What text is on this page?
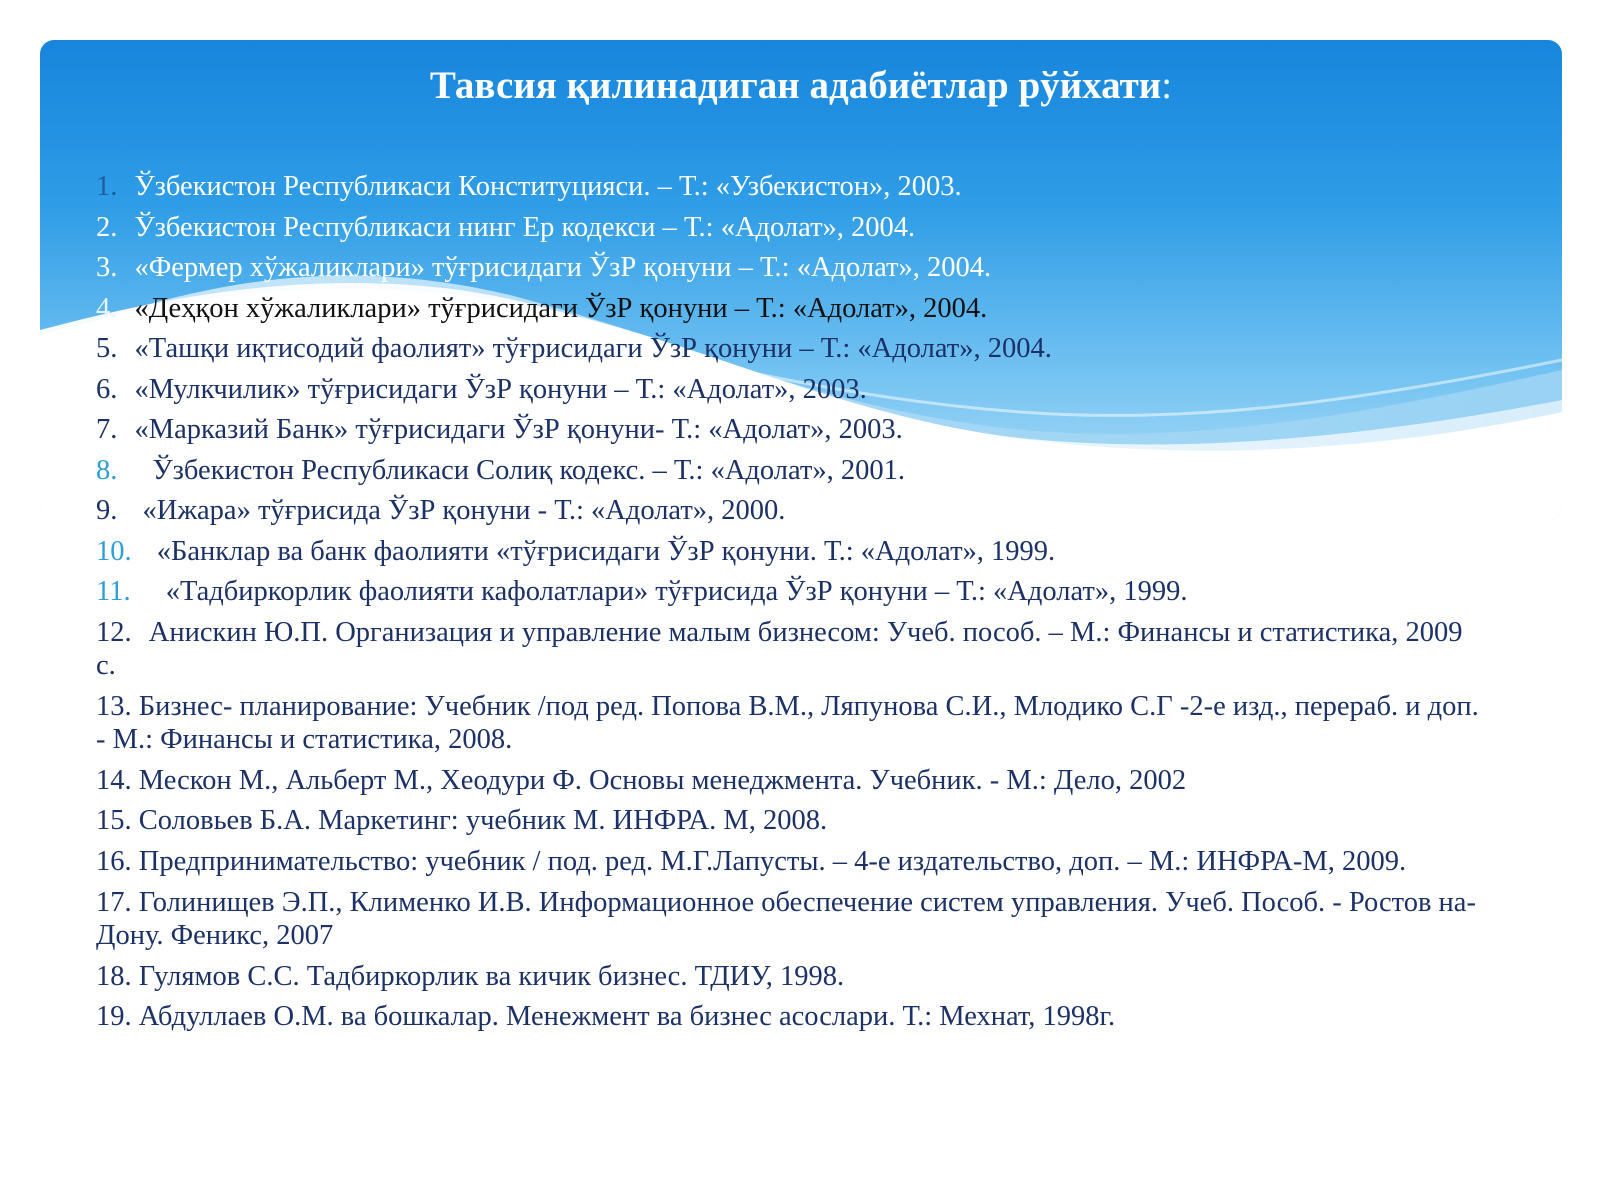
Тавсия қилинадиган адабиётлар рўйхати:
1. Ўзбекистон Республикаси Конституцияси. – Т.: «Узбекистон», 2003.
2. Ўзбекистон Республикаси нинг Ер кодекси – Т.: «Адолат», 2004.
3. «Фермер хўжаликлари» тўғрисидаги ЎзР қонуни – Т.: «Адолат», 2004.
4. «Деҳқон хўжаликлари» тўғрисидаги ЎзР қонуни – Т.: «Адолат», 2004.
5. «Ташқи иқтисодий фаолият» тўғрисидаги ЎзР қонуни – Т.: «Адолат», 2004.
6. «Мулкчилик» тўғрисидаги ЎзР қонуни – Т.: «Адолат», 2003.
7. «Марказий Банк» тўғрисидаги ЎзР қонуни- Т.: «Адолат», 2003.
8. Ўзбекистон Республикаси Солиқ кодекс. – Т.: «Адолат», 2001.
9. «Ижара» тўғрисида ЎзР қонуни - Т.: «Адолат», 2000.
10. «Банклар ва банк фаолияти «тўғрисидаги ЎзР қонуни. Т.: «Адолат», 1999.
11. «Тадбиркорлик фаолияти кафолатлари» тўғрисида ЎзР қонуни – Т.: «Адолат», 1999.
12. Анискин Ю.П. Организация и управление малым бизнесом: Учеб. пособ. – М.: Финансы и статистика, 2009 с.
13. Бизнес- планирование: Учебник /под ред. Попова В.М., Ляпунова С.И., Млодико С.Г -2-е изд., перераб. и доп. - М.: Финансы и статистика, 2008.
14. Мескон М., Альберт М., Хеодури Ф. Основы менеджмента. Учебник. - М.: Дело, 2002
15. Соловьев Б.А. Маркетинг: учебник М. ИНФРА. М, 2008.
16. Предпринимательство: учебник / под. ред. М.Г.Лапусты. – 4-е издательство, доп. – М.: ИНФРА-М, 2009.
17. Голинищев Э.П., Клименко И.В. Информационное обеспечение систем управления. Учеб. Пособ. - Ростов на-Дону. Феникс, 2007
18. Гулямов С.С. Тадбиркорлик ва кичик бизнес. ТДИУ, 1998.
19. Абдуллаев О.М. ва бошкалар. Менежмент ва бизнес асослари. Т.: Мехнат, 1998г.
